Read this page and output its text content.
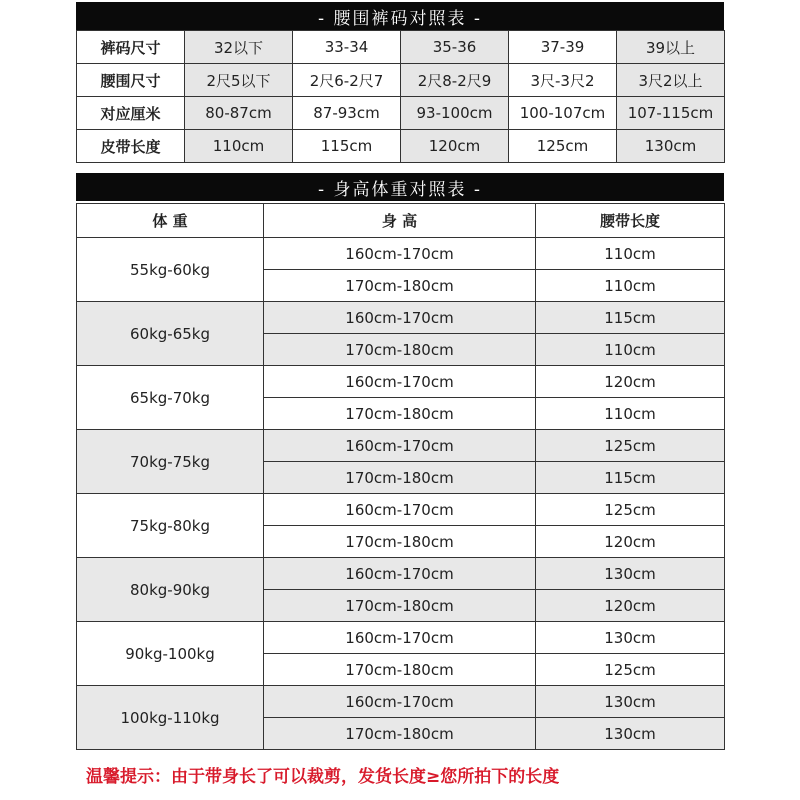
- 腰围裤码对照表 -
裤码尺寸	32以下	33-34	35-36	37-39	39以上
腰围尺寸	2尺5以下	2尺6-2尺7	2尺8-2尺9	3尺-3尺2	3尺2以上
对应厘米	80-87cm	87-93cm	93-100cm	100-107cm	107-115cm
皮带长度	110cm	115cm	120cm	125cm	130cm
- 身高体重对照表 -
体 重	身 高	腰带长度
55kg-60kg	160cm-170cm	110cm
	170cm-180cm	110cm
60kg-65kg	160cm-170cm	115cm
	170cm-180cm	110cm
65kg-70kg	160cm-170cm	120cm
	170cm-180cm	110cm
70kg-75kg	160cm-170cm	125cm
	170cm-180cm	115cm
75kg-80kg	160cm-170cm	125cm
	170cm-180cm	120cm
80kg-90kg	160cm-170cm	130cm
	170cm-180cm	120cm
90kg-100kg	160cm-170cm	130cm
	170cm-180cm	125cm
100kg-110kg	160cm-170cm	130cm
	170cm-180cm	130cm
温馨提示：由于带身长了可以裁剪，发货长度≥您所拍下的长度
